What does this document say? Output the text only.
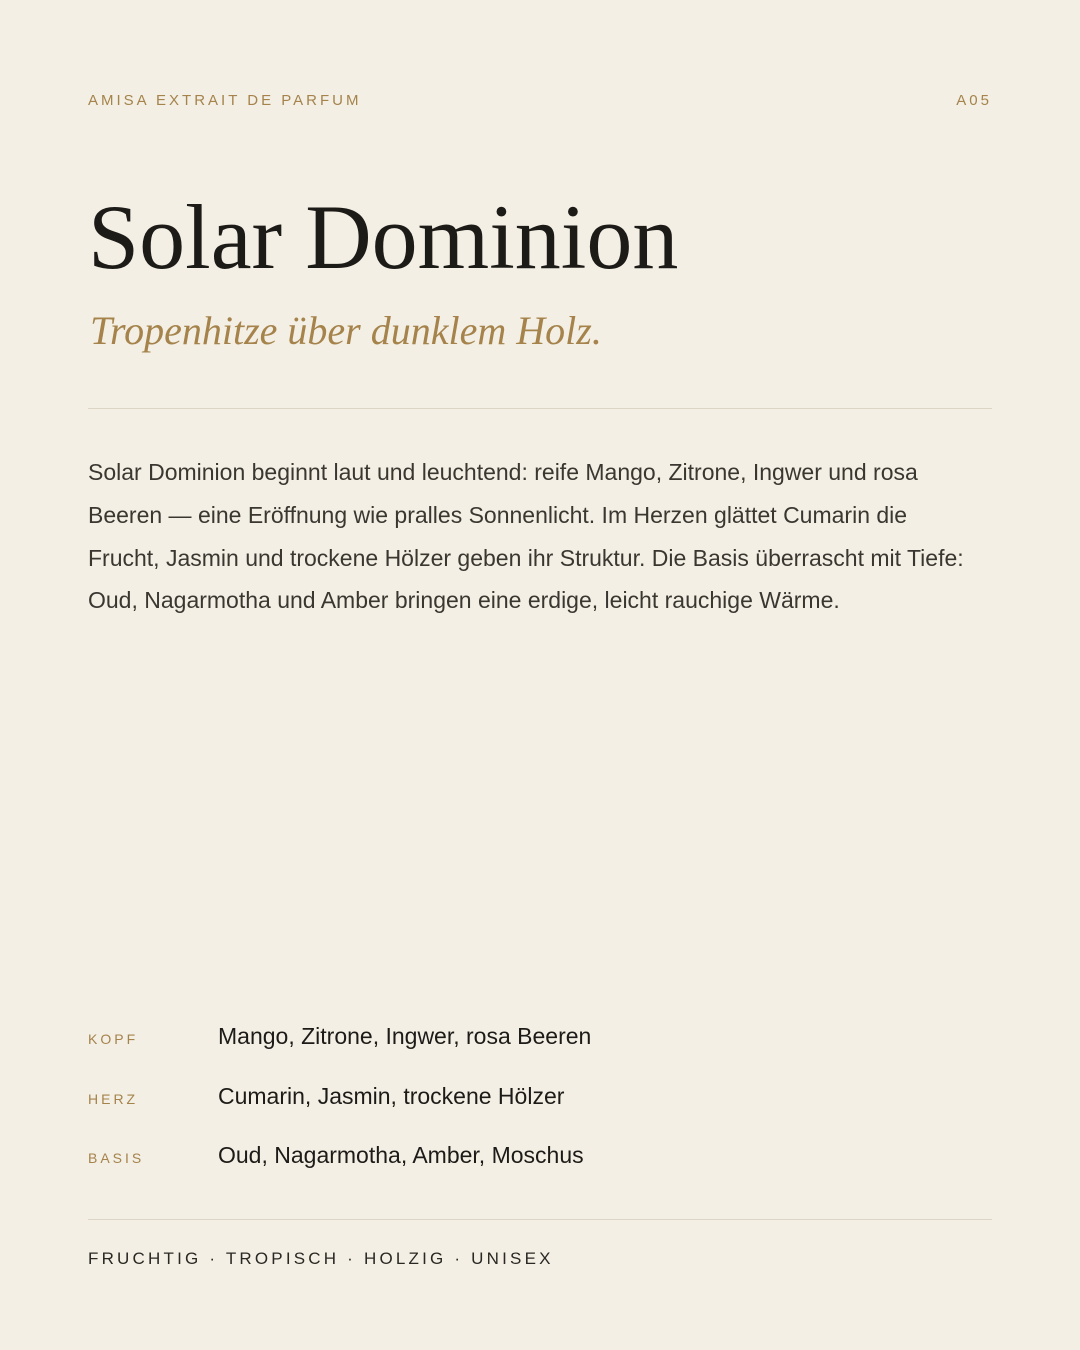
AMISA EXTRAIT DE PARFUM	A05
Solar Dominion
Tropenhitze über dunklem Holz.

Solar Dominion beginnt laut und leuchtend: reife Mango, Zitrone, Ingwer und rosa Beeren — eine Eröffnung wie pralles Sonnenlicht. Im Herzen glättet Cumarin die Frucht, Jasmin und trockene Hölzer geben ihr Struktur. Die Basis überrascht mit Tiefe: Oud, Nagarmotha und Amber bringen eine erdige, leicht rauchige Wärme.

KOPF	Mango, Zitrone, Ingwer, rosa Beeren
HERZ	Cumarin, Jasmin, trockene Hölzer
BASIS	Oud, Nagarmotha, Amber, Moschus
FRUCHTIG · TROPISCH · HOLZIG · UNISEX
